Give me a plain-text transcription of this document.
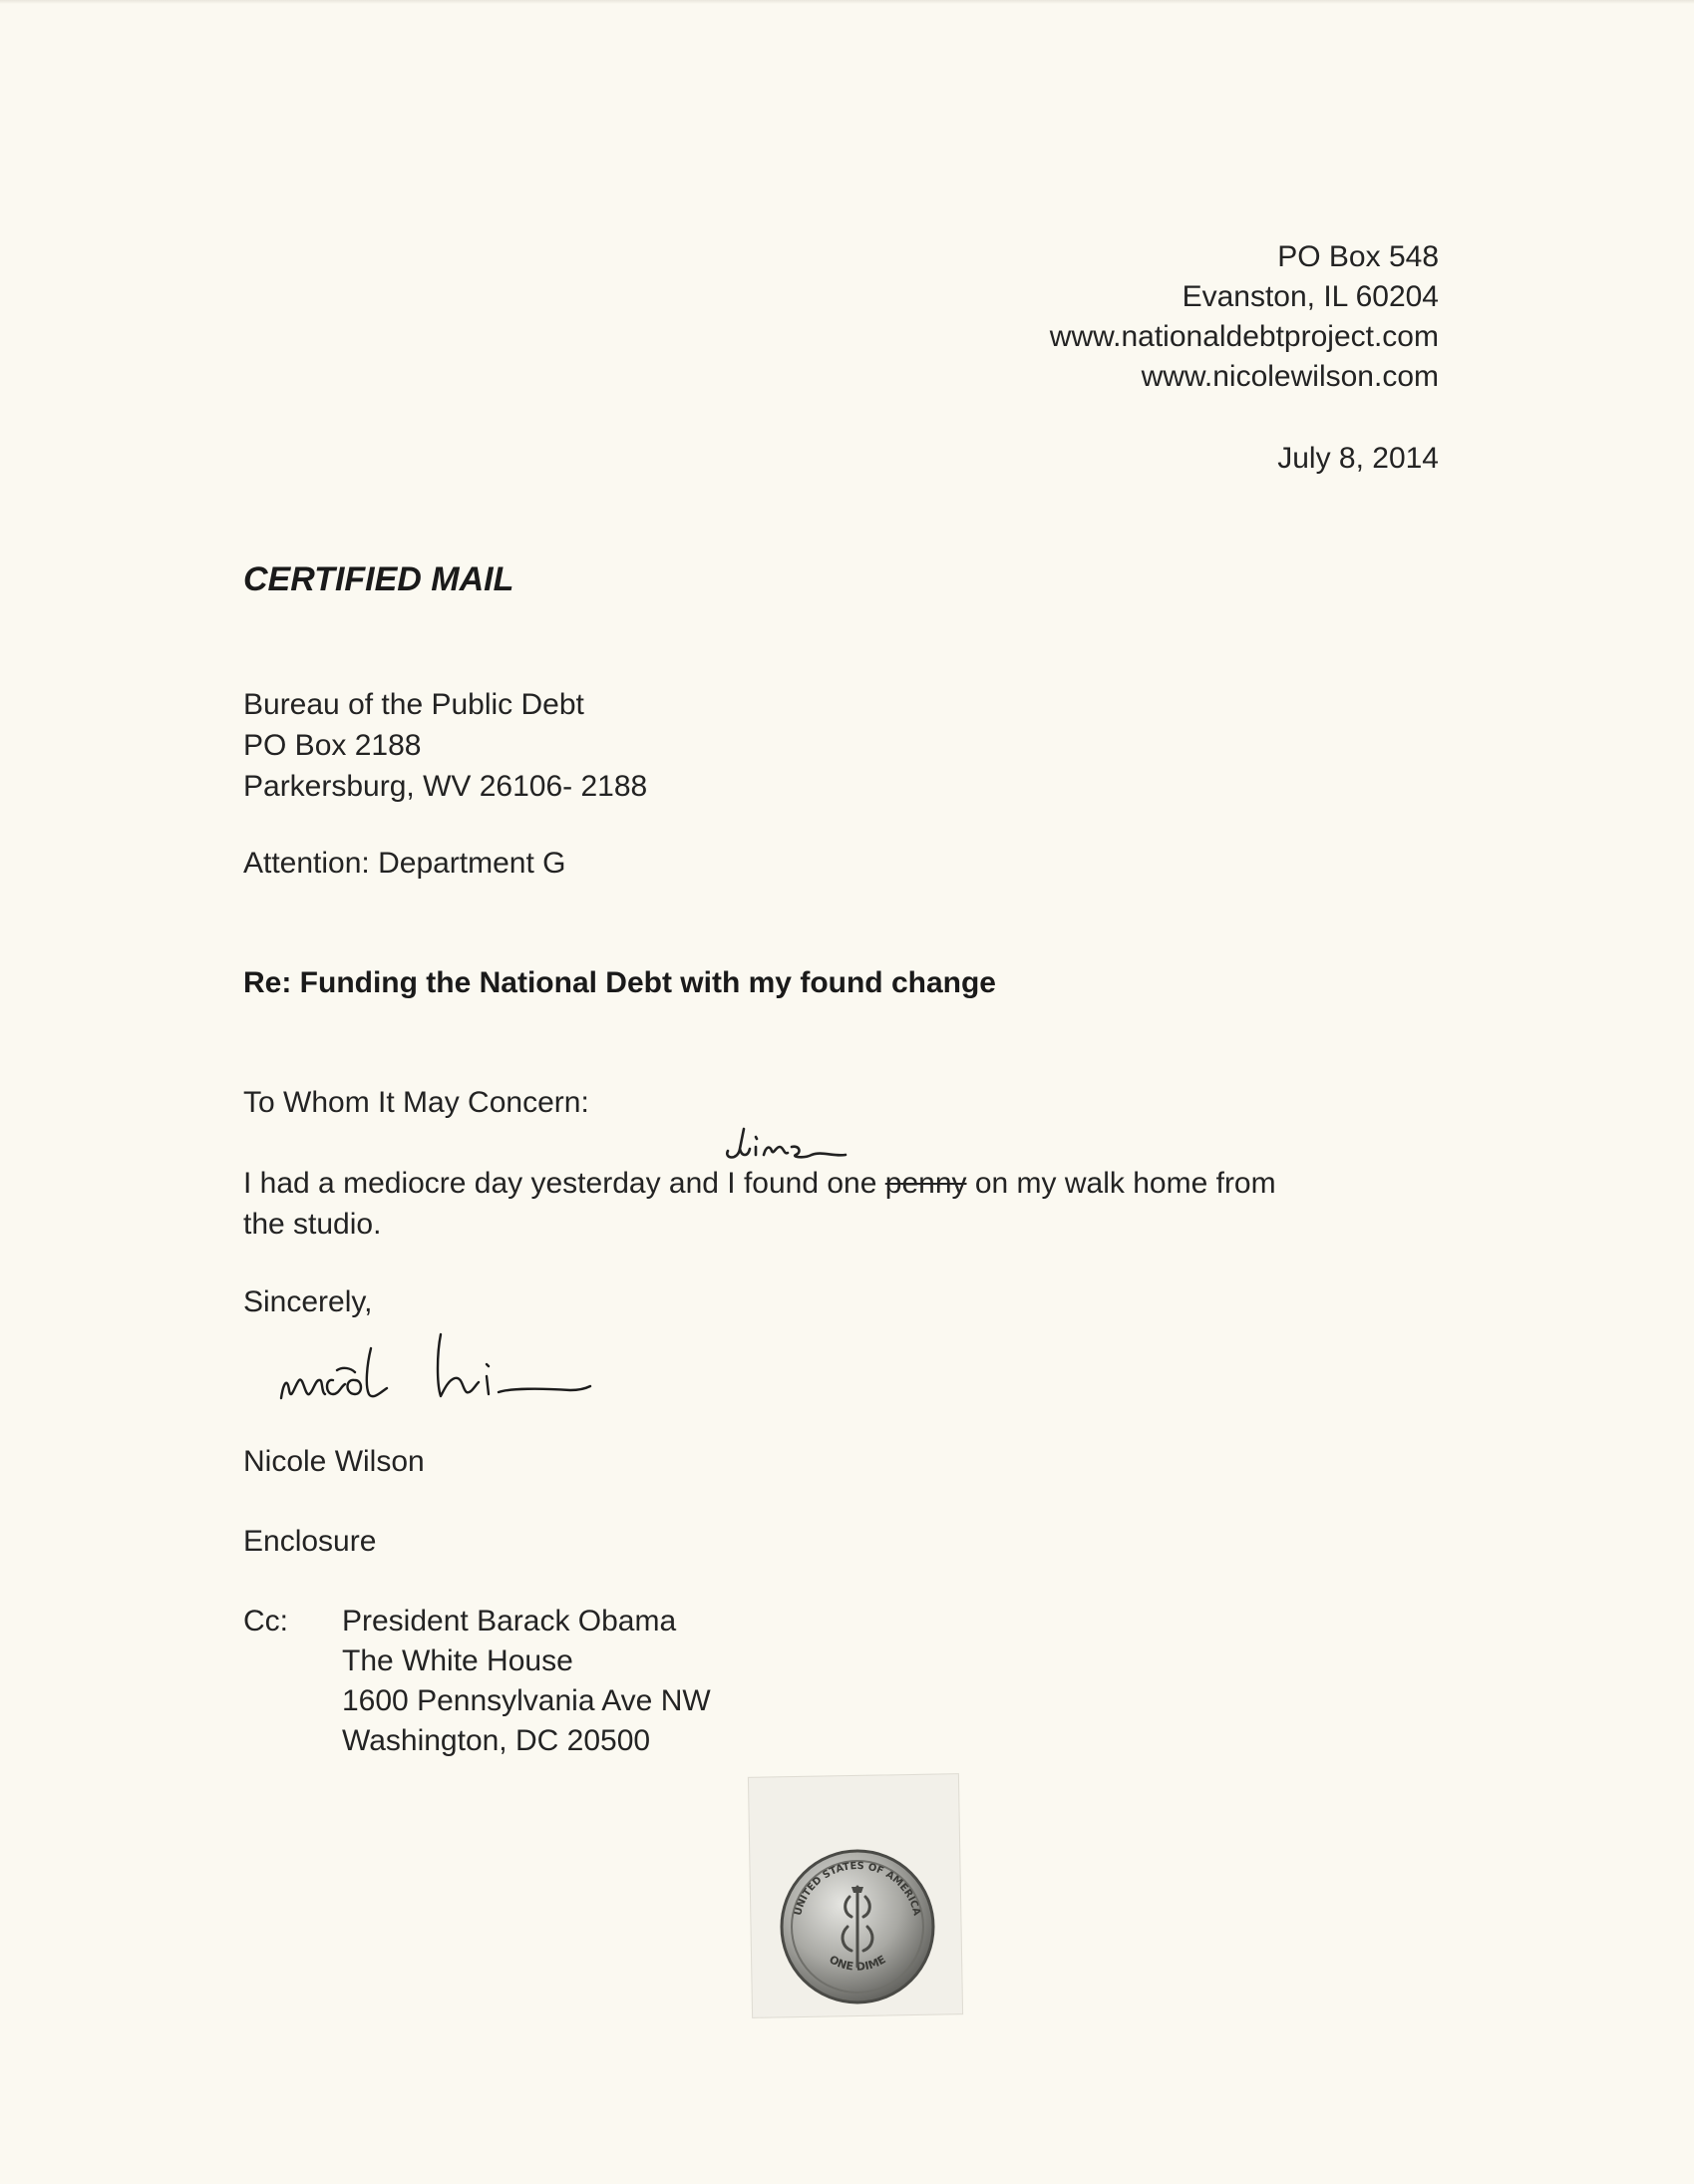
PO Box 548
Evanston, IL 60204
www.nationaldebtproject.com
www.nicolewilson.com
July 8, 2014
CERTIFIED MAIL
Bureau of the Public Debt
PO Box 2188
Parkersburg, WV 26106- 2188
Attention: Department G
Re: Funding the National Debt with my found change
To Whom It May Concern:
I had a mediocre day yesterday and I found one penny on my walk home from
the studio.
Sincerely,
Nicole Wilson
Enclosure
Cc: President Barack Obama
The White House
1600 Pennsylvania Ave NW
Washington, DC 20500
UNITED STATES OF AMERICA
ONE DIME
